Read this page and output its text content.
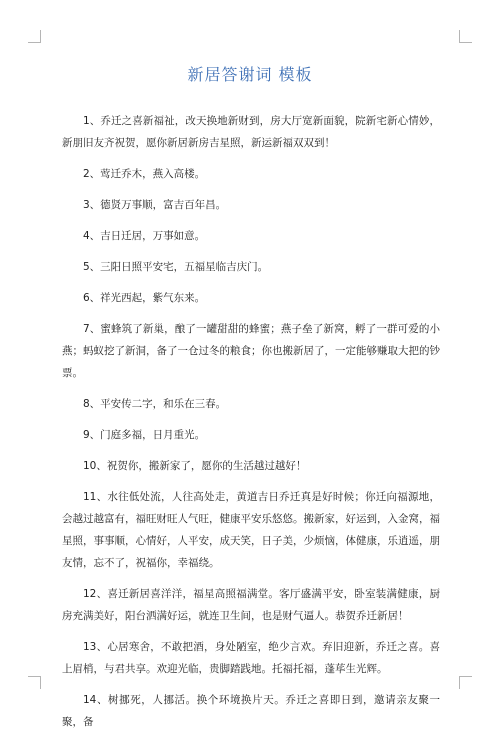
新居答谢词 模板

1、乔迁之喜新福祉，改天换地新财到，房大厅宽新面貌，院新宅新心情妙，新朋旧友齐祝贺，愿你新居新房吉星照，新运新福双双到！

2、莺迁乔木，燕入高楼。

3、德贤万事顺，富吉百年昌。

4、吉日迁居，万事如意。

5、三阳日照平安宅，五福星临吉庆门。

6、祥光西起，紫气东来。

7、蜜蜂筑了新巢，酿了一罐甜甜的蜂蜜；燕子垒了新窝，孵了一群可爱的小燕；蚂蚁挖了新洞，备了一仓过冬的粮食；你也搬新居了，一定能够赚取大把的钞票。

8、平安传二字，和乐在三春。

9、门庭多福，日月重光。

10、祝贺你，搬新家了，愿你的生活越过越好！

11、水往低处流，人往高处走，黄道吉日乔迁真是好时候；你迁向福源地，会越过越富有，福旺财旺人气旺，健康平安乐悠悠。搬新家，好运到，入金窝，福星照，事事顺，心情好，人平安，成天笑，日子美，少烦恼，体健康，乐逍遥，朋友情，忘不了，祝福你，幸福绕。

12、喜迁新居喜洋洋，福星高照福满堂。客厅盛满平安，卧室装满健康，厨房充满美好，阳台洒满好运，就连卫生间，也是财气逼人。恭贺乔迁新居！

13、心居寒舍，不敢把酒，身处陋室，绝少言欢。弃旧迎新，乔迁之喜。喜上眉梢，与君共享。欢迎光临，贵脚踏践地。托福托福，蓬荜生光辉。

14、树挪死，人挪活。换个环境换片天。乔迁之喜即日到，邀请亲友聚一聚，备
